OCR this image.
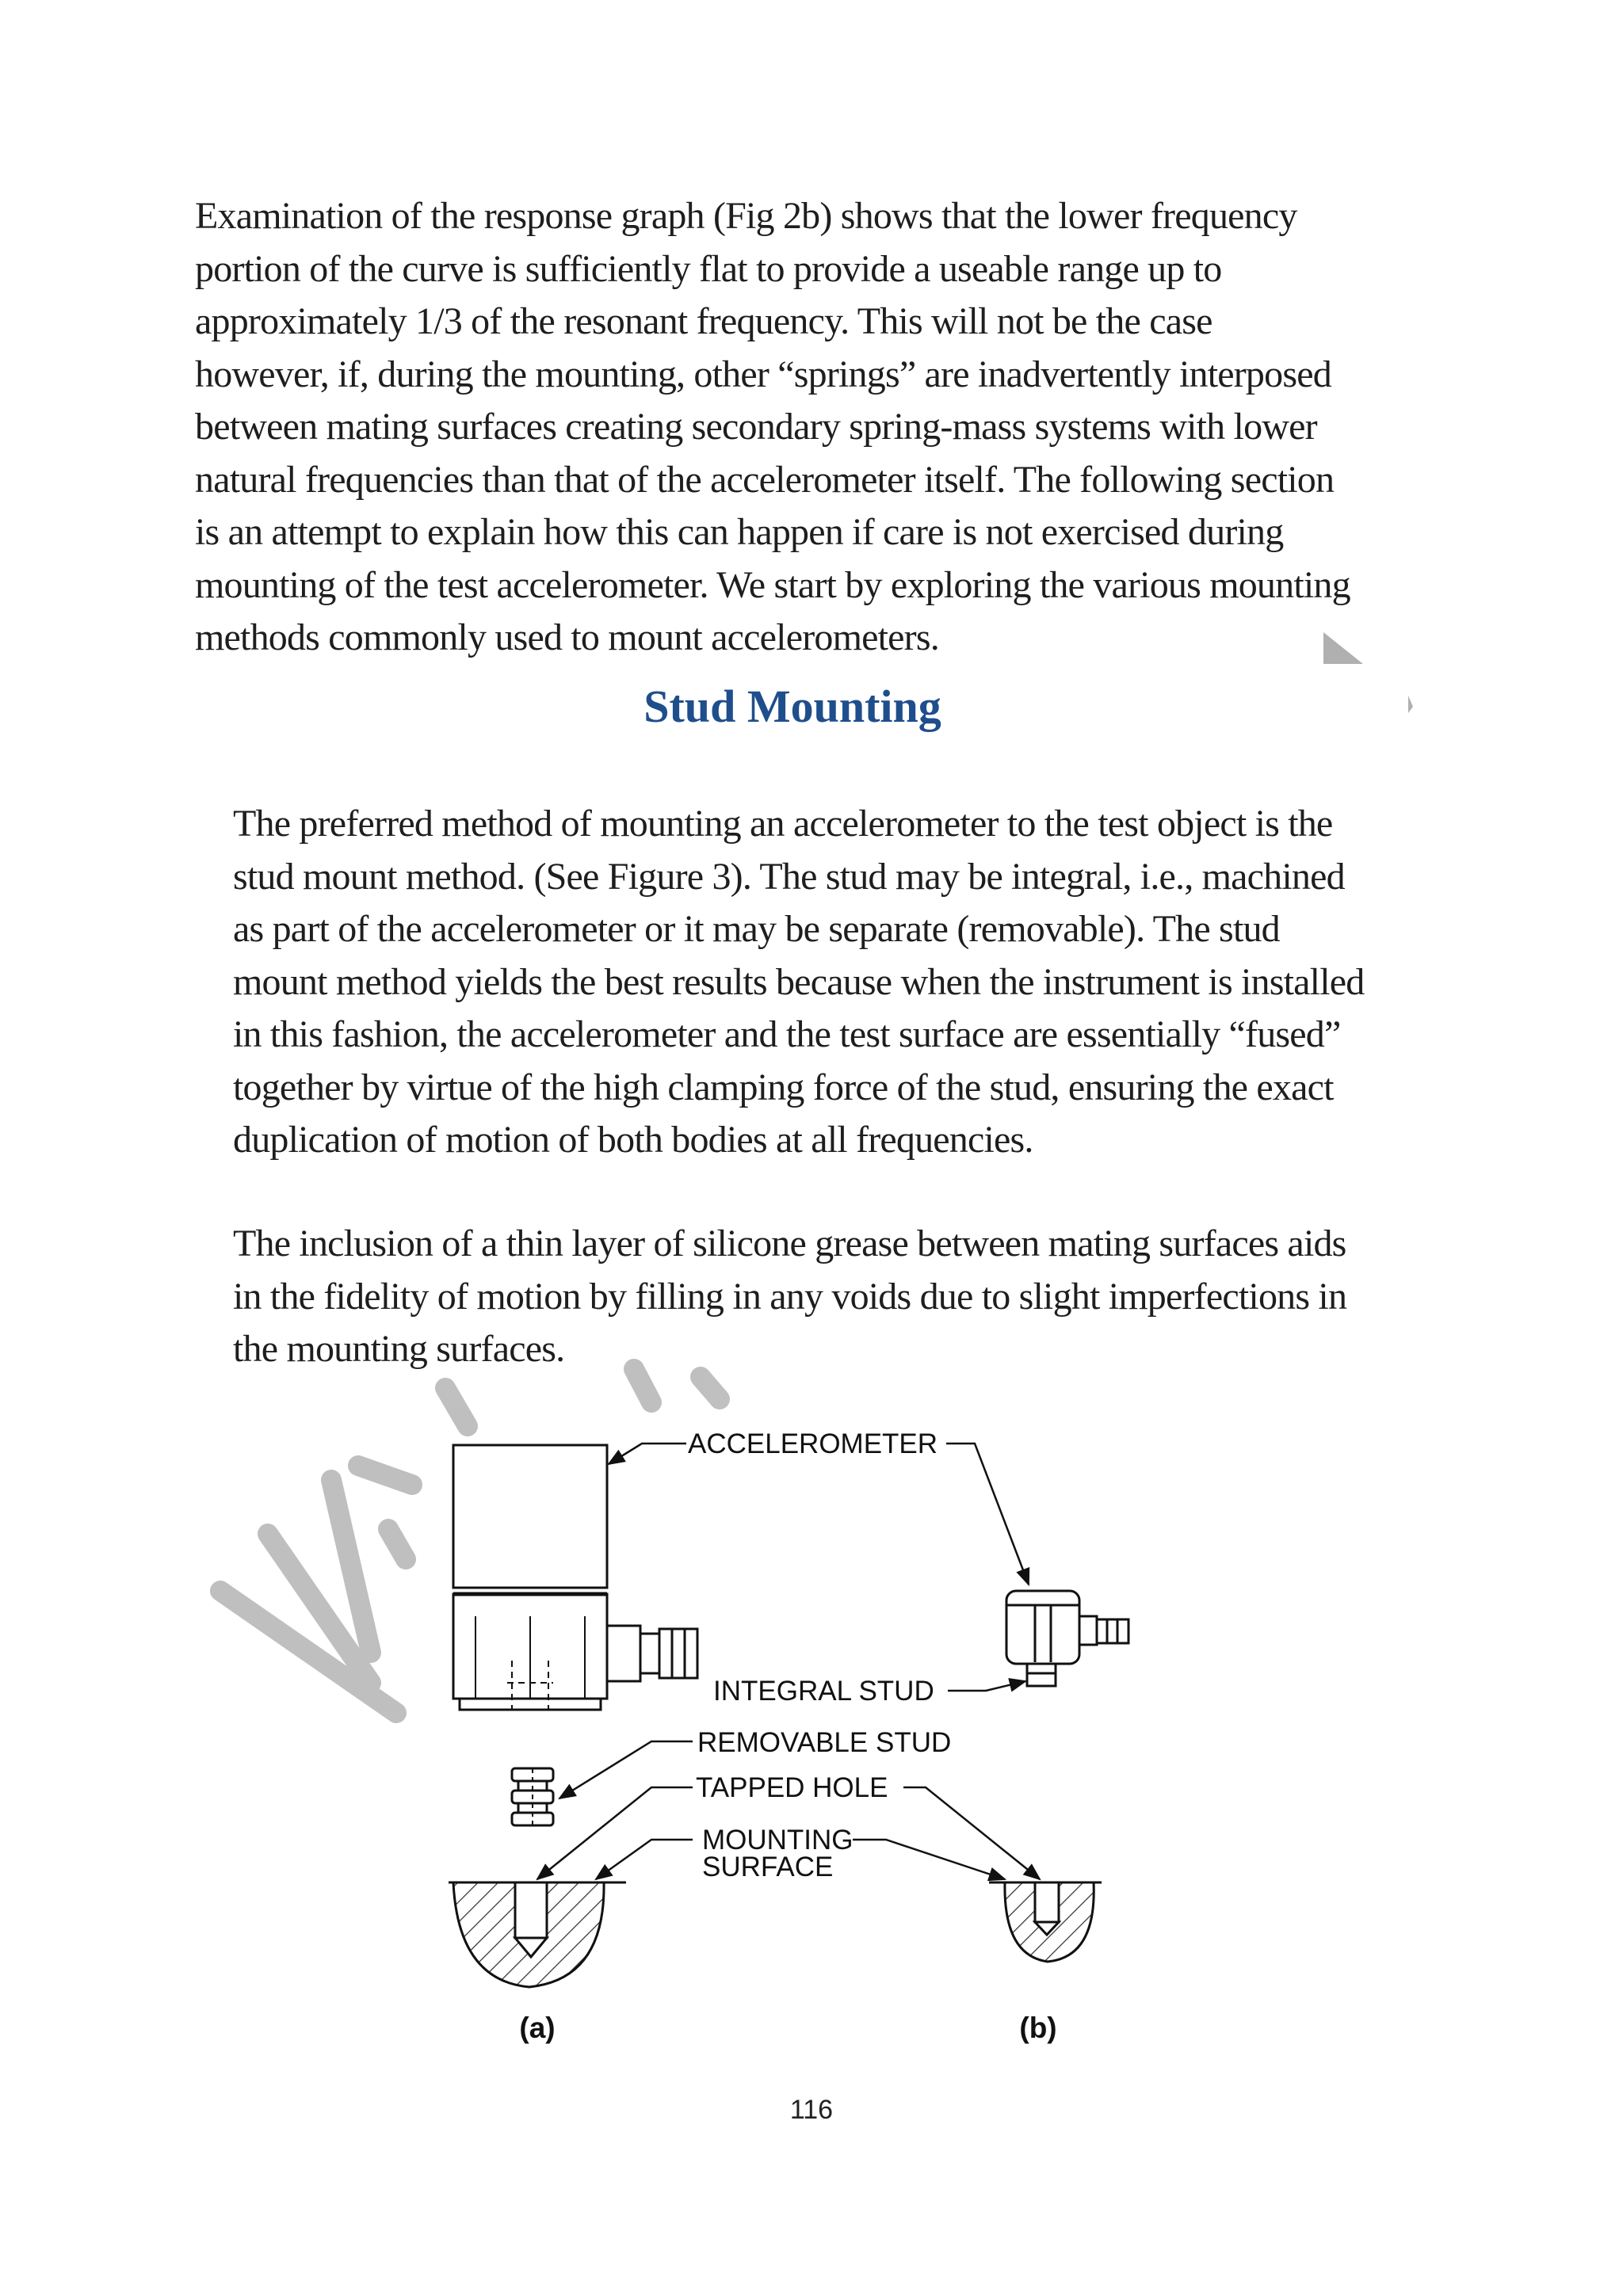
Examination of the response graph (Fig 2b) shows that the lower frequency portion of the curve is sufficiently flat to provide a useable range up to approximately 1/3 of the resonant frequency. This will not be the case however, if, during the mounting, other “springs” are inadvertently interposed between mating surfaces creating secondary spring-mass systems with lower natural frequencies than that of the accelerometer itself. The following section is an attempt to explain how this can happen if care is not exercised during mounting of the test accelerometer. We start by exploring the various mounting methods commonly used to mount accelerometers.

Stud Mounting

The preferred method of mounting an accelerometer to the test object is the stud mount method. (See Figure 3). The stud may be integral, i.e., machined as part of the accelerometer or it may be separate (removable). The stud mount method yields the best results because when the instrument is installed in this fashion, the accelerometer and the test surface are essentially “fused” together by virtue of the high clamping force of the stud, ensuring the exact duplication of motion of both bodies at all frequencies.

The inclusion of a thin layer of silicone grease between mating surfaces aids in the fidelity of motion by filling in any voids due to slight imperfections in the mounting surfaces.

ACCELEROMETER
INTEGRAL STUD
REMOVABLE STUD
TAPPED HOLE
MOUNTING
SURFACE
(a)	(b)
116
